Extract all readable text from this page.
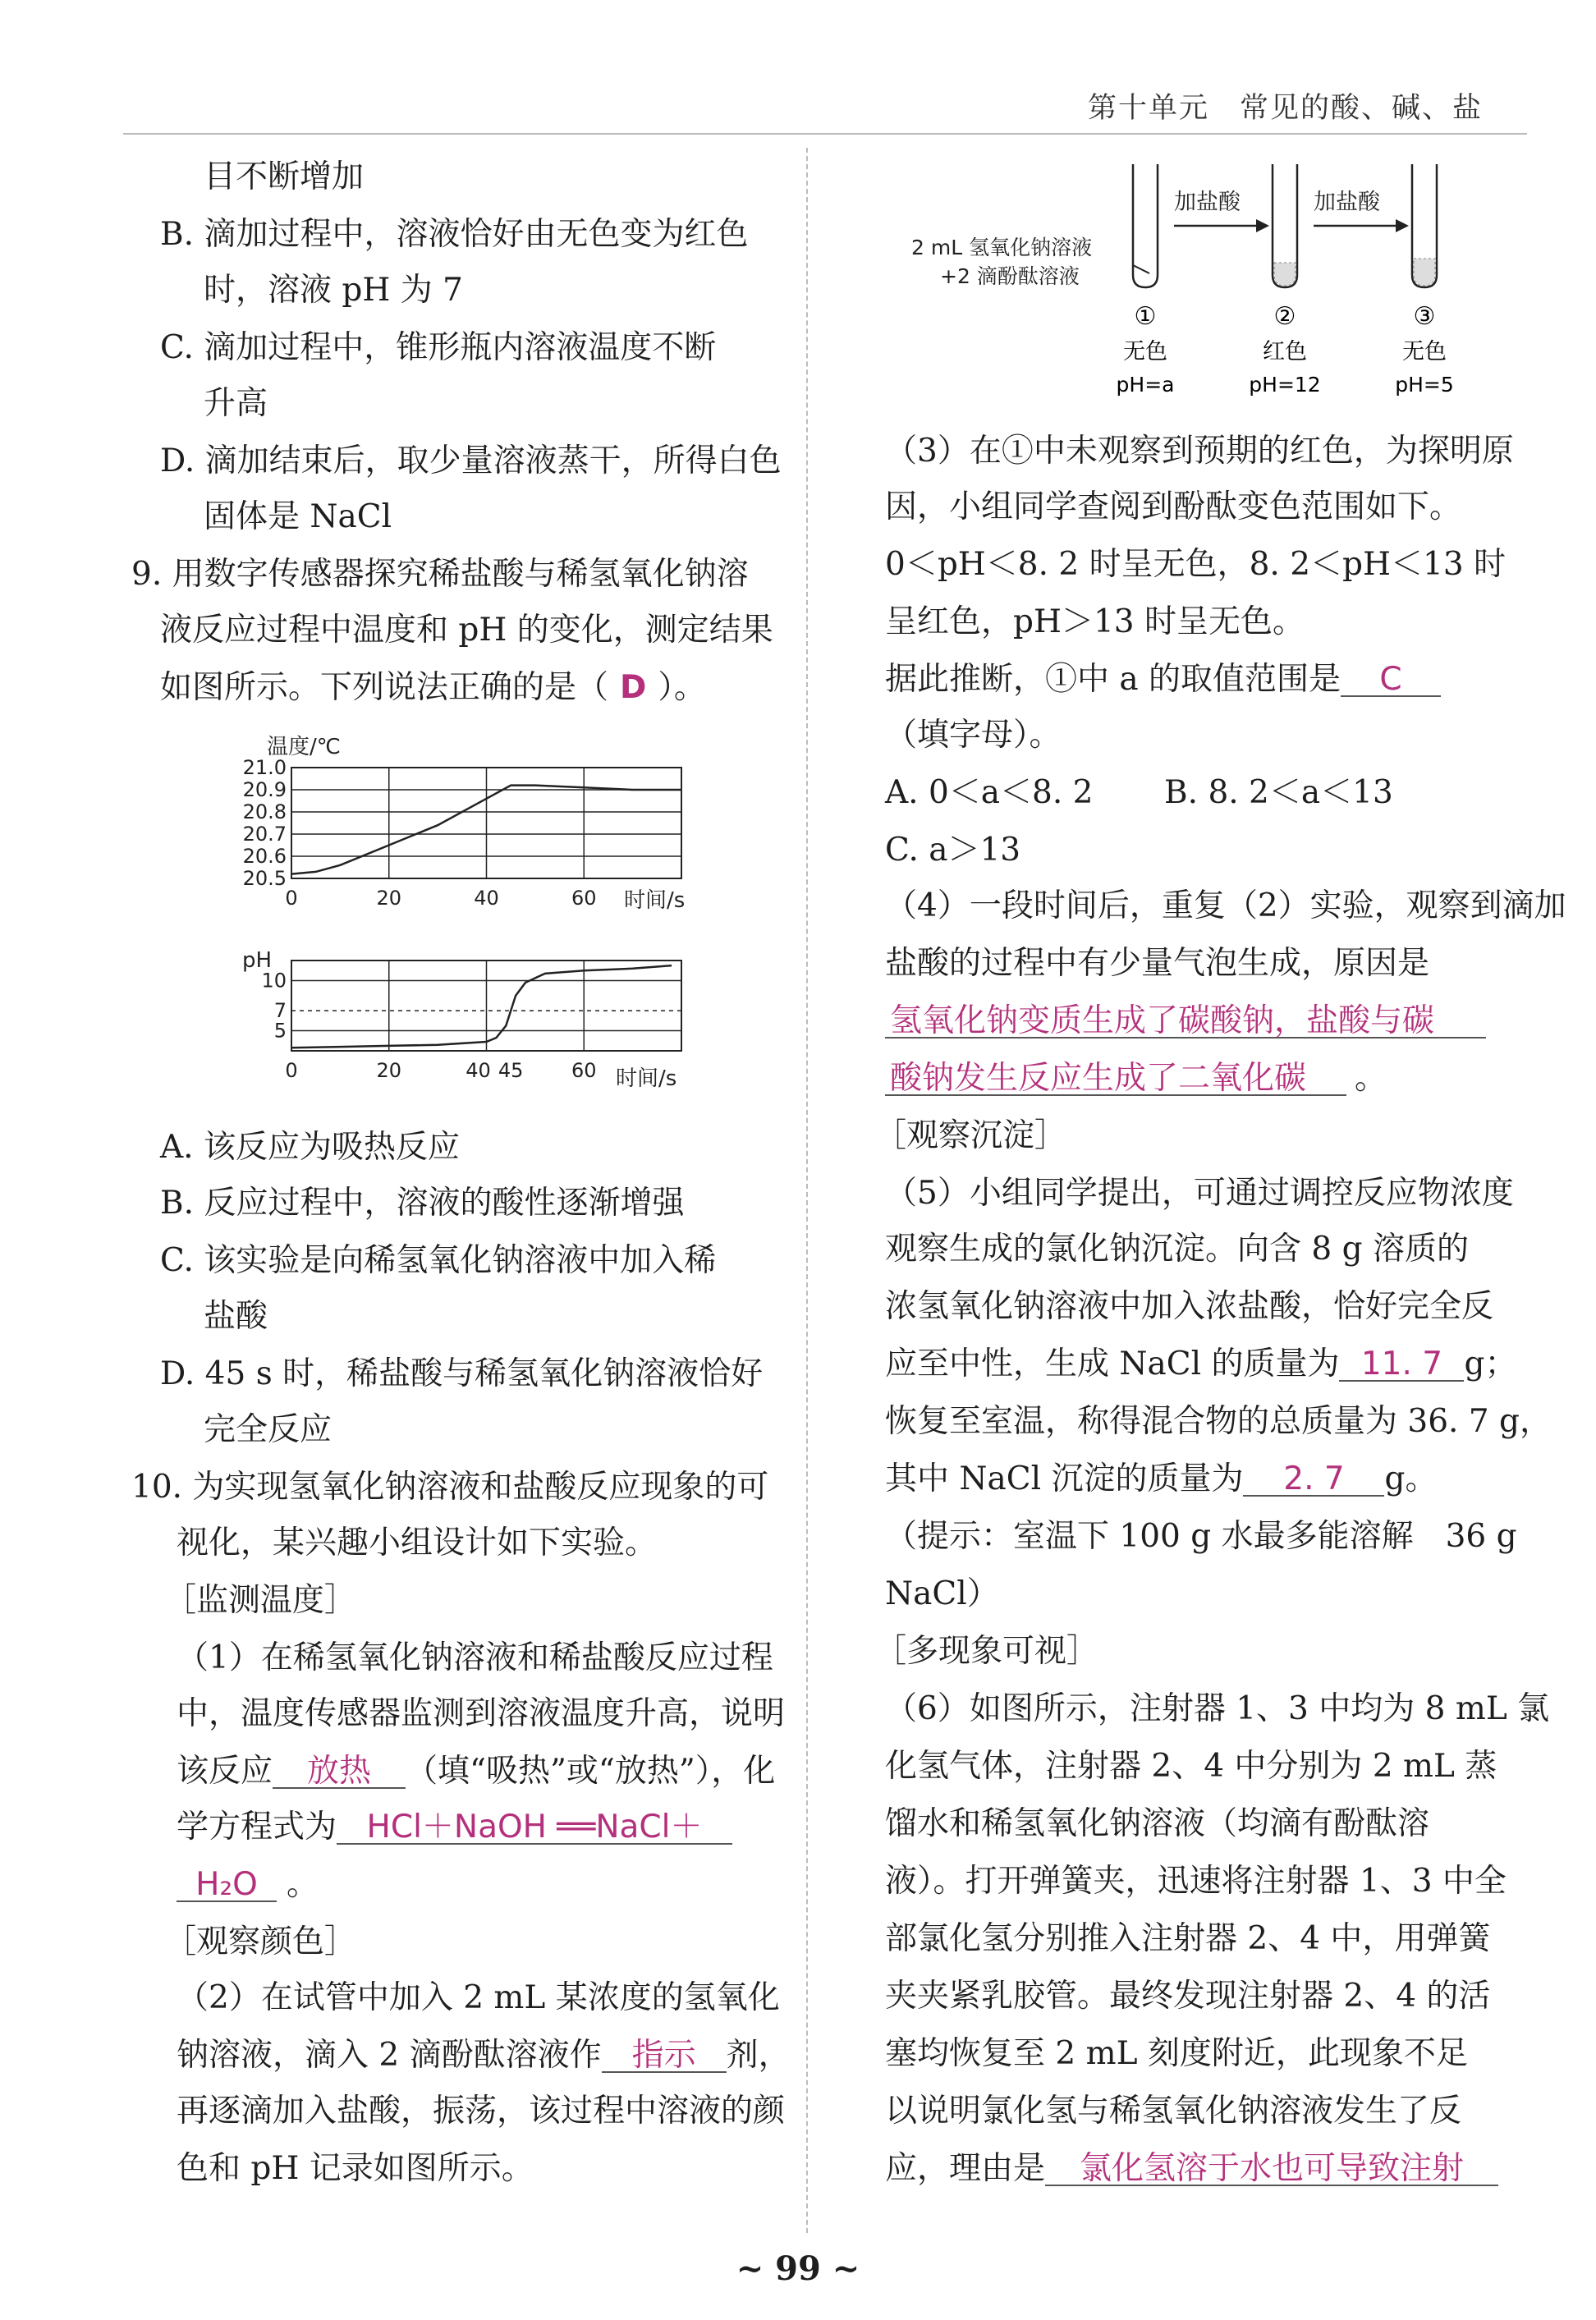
第十单元　常见的酸、碱、盐
目不断增加
B. 滴加过程中，溶液恰好由无色变为红色
时，溶液 pH 为 7
C. 滴加过程中，锥形瓶内溶液温度不断
升高
D. 滴加结束后，取少量溶液蒸干，所得白色
固体是 NaCl
9. 用数字传感器探究稀盐酸与稀氢氧化钠溶
液反应过程中温度和 pH 的变化，测定结果
如图所示。下列说法正确的是（ D ）。
温度/℃
20.5
20.6
20.7
20.8
20.9
21.0
0	20	40	60 时间/s
pH
5
7
10
0	20	40 45 60 时间/s
A. 该反应为吸热反应
B. 反应过程中，溶液的酸性逐渐增强
C. 该实验是向稀氢氧化钠溶液中加入稀
盐酸
D. 45 s 时，稀盐酸与稀氢氧化钠溶液恰好
完全反应
10. 为实现氢氧化钠溶液和盐酸反应现象的可
视化，某兴趣小组设计如下实验。
［监测温度］
（1）在稀氢氧化钠溶液和稀盐酸反应过程
中，温度传感器监测到溶液温度升高，说明
该反应 放热 （填“吸热”或“放热”），化
学方程式为 HCl＋NaOH ══NaCl＋
H₂O 。
［观察颜色］
（2）在试管中加入 2 mL 某浓度的氢氧化
钠溶液，滴入 2 滴酚酞溶液作 指示 剂，
再逐滴加入盐酸，振荡，该过程中溶液的颜
色和 pH 记录如图所示。
2 mL 氢氧化钠溶液
+2 滴酚酞溶液
加盐酸	加盐酸
①
无色
pH=a
②
红色
pH=12
③
无色
pH=5
（3）在①中未观察到预期的红色，为探明原
因，小组同学查阅到酚酞变色范围如下。
0＜pH＜8. 2 时呈无色，8. 2＜pH＜13 时
呈红色，pH＞13 时呈无色。
据此推断，①中 a 的取值范围是 C
（填字母）。
A. 0＜a＜8. 2 B. 8. 2＜a＜13
C. a＞13
（4）一段时间后，重复（2）实验，观察到滴加
盐酸的过程中有少量气泡生成，原因是
氢氧化钠变质生成了碳酸钠，盐酸与碳
酸钠发生反应生成了二氧化碳 。
［观察沉淀］
（5）小组同学提出，可通过调控反应物浓度
观察生成的氯化钠沉淀。向含 8 g 溶质的
浓氢氧化钠溶液中加入浓盐酸，恰好完全反
应至中性，生成 NaCl 的质量为 11. 7 g；
恢复至室温，称得混合物的总质量为 36. 7 g，
其中 NaCl 沉淀的质量为 2. 7 g。
（提示：室温下 100 g 水最多能溶解　36 g
NaCl）
［多现象可视］
（6）如图所示，注射器 1、3 中均为 8 mL 氯
化氢气体，注射器 2、4 中分别为 2 mL 蒸
馏水和稀氢氧化钠溶液（均滴有酚酞溶
液）。打开弹簧夹，迅速将注射器 1、3 中全
部氯化氢分别推入注射器 2、4 中，用弹簧
夹夹紧乳胶管。最终发现注射器 2、4 的活
塞均恢复至 2 mL 刻度附近，此现象不足
以说明氯化氢与稀氢氧化钠溶液发生了反
应，理由是 氯化氢溶于水也可导致注射
~ 99 ~
